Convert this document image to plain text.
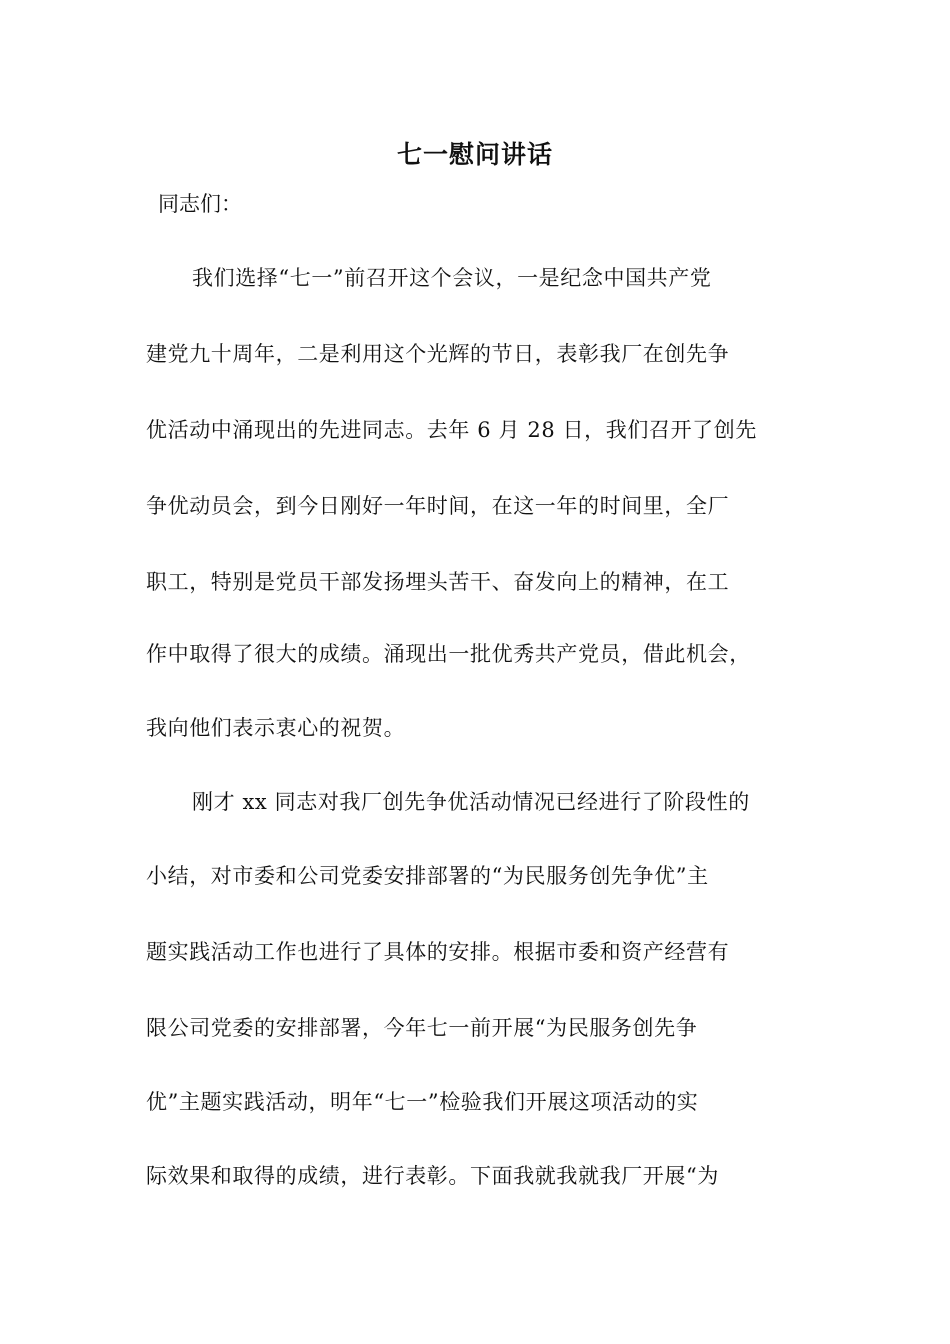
七一慰问讲话
同志们：
我们选择“七一”前召开这个会议，一是纪念中国共产党
建党九十周年，二是利用这个光辉的节日，表彰我厂在创先争
优活动中涌现出的先进同志。去年 6 月 28 日，我们召开了创先
争优动员会，到今日刚好一年时间，在这一年的时间里，全厂
职工，特别是党员干部发扬埋头苦干、奋发向上的精神，在工
作中取得了很大的成绩。涌现出一批优秀共产党员，借此机会，
我向他们表示衷心的祝贺。
刚才 xx 同志对我厂创先争优活动情况已经进行了阶段性的
小结，对市委和公司党委安排部署的“为民服务创先争优”主
题实践活动工作也进行了具体的安排。根据市委和资产经营有
限公司党委的安排部署，今年七一前开展“为民服务创先争
优”主题实践活动，明年“七一”检验我们开展这项活动的实
际效果和取得的成绩，进行表彰。下面我就我就我厂开展“为
